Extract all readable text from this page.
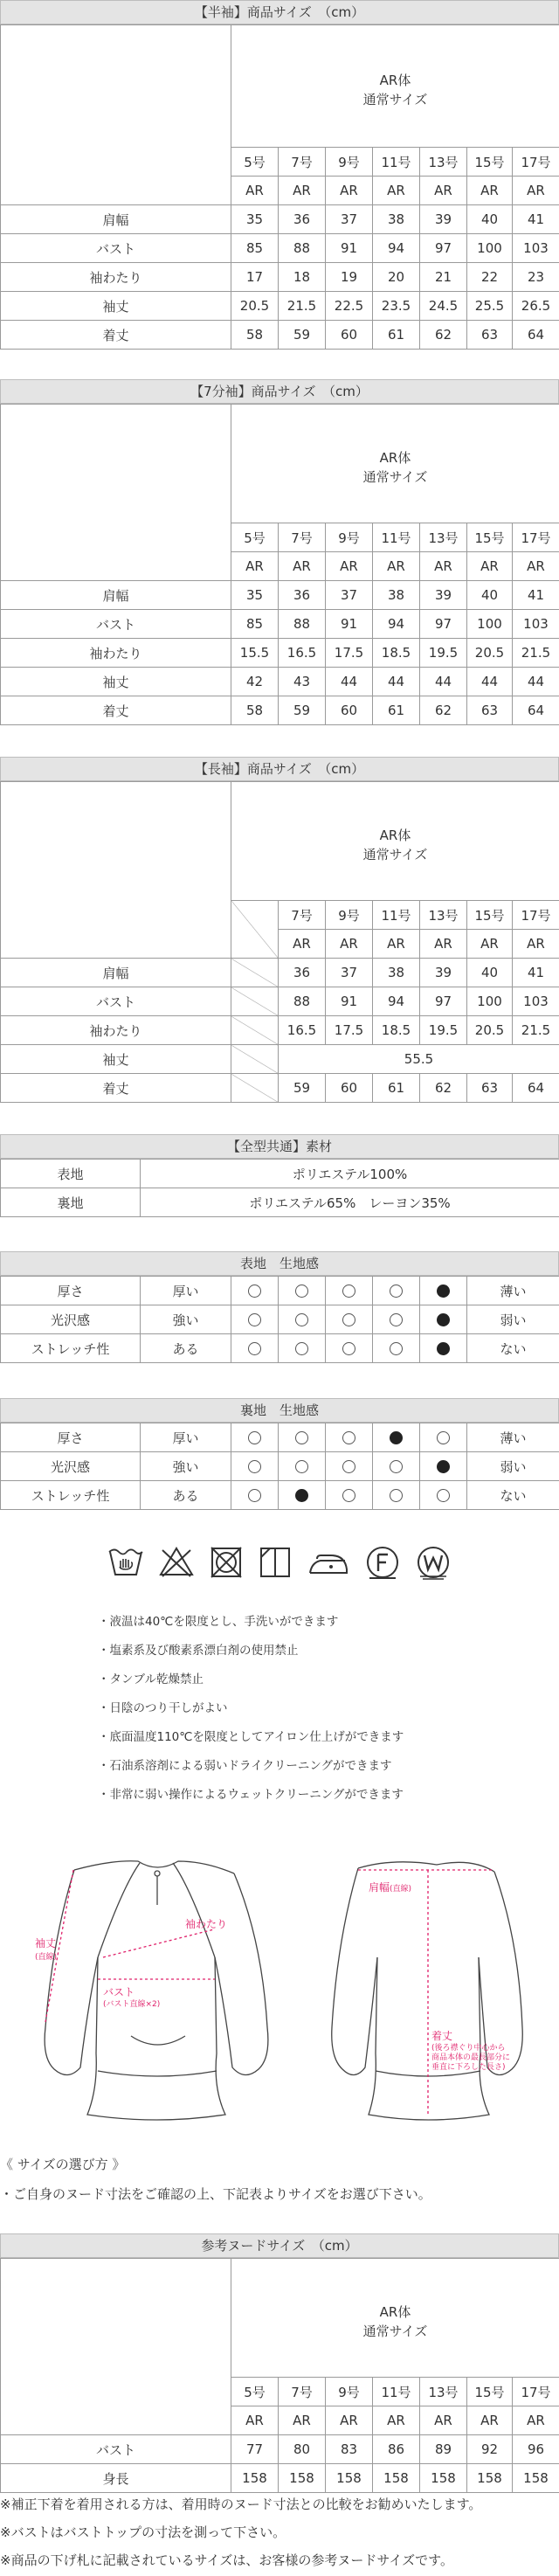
【半袖】商品サイズ　（cm）
	AR体
通常サイズ						
	5号	7号	9号	11号	13号	15号	17号
	AR	AR	AR	AR	AR	AR	AR
肩幅	35	36	37	38	39	40	41
バスト	85	88	91	94	97	100	103
袖わたり	17	18	19	20	21	22	23
袖丈	20.5	21.5	22.5	23.5	24.5	25.5	26.5
着丈	58	59	60	61	62	63	64
【7分袖】商品サイズ　（cm）
	AR体
通常サイズ						
	5号	7号	9号	11号	13号	15号	17号
	AR	AR	AR	AR	AR	AR	AR
肩幅	35	36	37	38	39	40	41
バスト	85	88	91	94	97	100	103
袖わたり	15.5	16.5	17.5	18.5	19.5	20.5	21.5
袖丈	42	43	44	44	44	44	44
着丈	58	59	60	61	62	63	64
【長袖】商品サイズ　（cm）
	AR体
通常サイズ						
		7号	9号	11号	13号	15号	17号
		AR	AR	AR	AR	AR	AR
肩幅		36	37	38	39	40	41
バスト		88	91	94	97	100	103
袖わたり		16.5	17.5	18.5	19.5	20.5	21.5
袖丈		55.5					
着丈		59	60	61	62	63	64
【全型共通】素材
表地	ポリエステル100%
裏地	ポリエステル65%　レーヨン35%
表地　生地感
厚さ	厚い						薄い
光沢感	強い						弱い
ストレッチ性	ある						ない
裏地　生地感
厚さ	厚い						薄い
光沢感	強い						弱い
ストレッチ性	ある						ない
・液温は40℃を限度とし、手洗いができます
・塩素系及び酸素系漂白剤の使用禁止
・タンブル乾燥禁止
・日陰のつり干しがよい
・底面温度110℃を限度としてアイロン仕上げができます
・石油系溶剤による弱いドライクリーニングができます
・非常に弱い操作によるウェットクリーニングができます
袖丈
(直線)
袖わたり
バスト
(バスト直線×2)
肩幅 (直線)
着丈
(後ろ襟ぐり中心から商品本体の最長部分に垂直に下ろした長さ)

《 サイズの選び方 》

・ご自身のヌード寸法をご確認の上、下記表よりサイズをお選び下さい。

参考ヌードサイズ　（cm）
	AR体
通常サイズ						
	5号	7号	9号	11号	13号	15号	17号
	AR	AR	AR	AR	AR	AR	AR
バスト	77	80	83	86	89	92	96
身長	158	158	158	158	158	158	158

※補正下着を着用される方は、着用時のヌード寸法との比較をお勧めいたします。

※バストはバストトップの寸法を測って下さい。

※商品の下げ札に記載されているサイズは、お客様の参考ヌードサイズです。
